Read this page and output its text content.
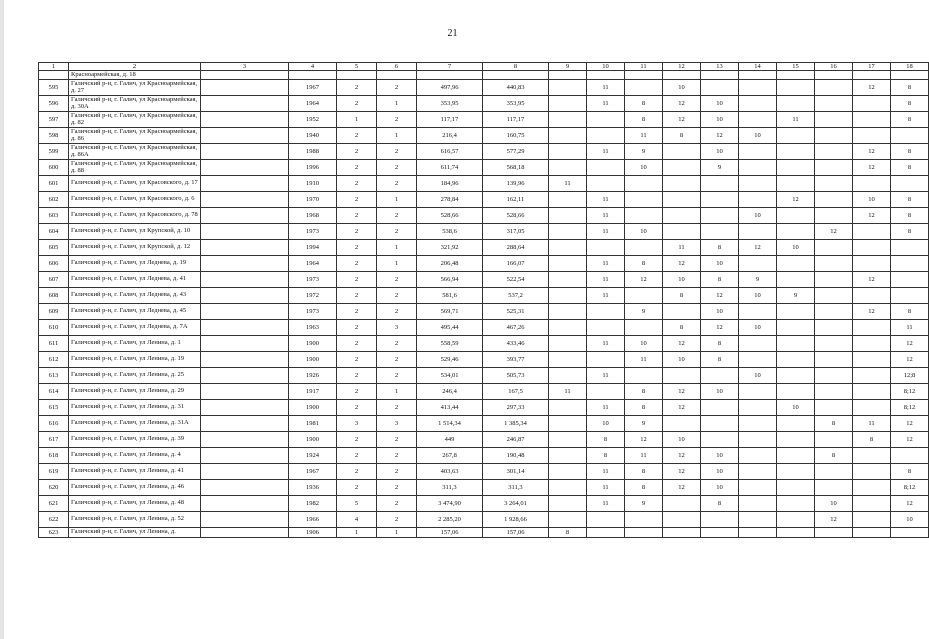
21
1	2	3	4	5	6	7	8	9	10	11	12	13	14	15	16	17	18
	Красноармейская, д. 18																
595	Галичский р-н, г. Галич, ул Красноармейская, д. 27		1967	2	2	497,96	440,83		11		10					12	8
596	Галичский р-н, г. Галич, ул Красноармейская, д. 30А		1964	2	1	353,95	353,95		11	8	12	10					8
597	Галичский р-н, г. Галич, ул Красноармейская, д. 82		1952	1	2	117,17	117,17			8	12	10		11			8
598	Галичский р-н, г. Галич, ул Красноармейская, д. 86		1940	2	1	216,4	160,75			11	8	12	10				
599	Галичский р-н, г. Галич, ул Красноармейская, д. 86А		1988	2	2	616,57	577,29		11	9		10				12	8
600	Галичский р-н, г. Галич, ул Красноармейская, д. 88		1996	2	2	611,74	568,18			10		9				12	8
601	Галичский р-н, г. Галич, ул Красовского, д. 17		1910	2	2	184,96	139,96	11									
602	Галичский р-н, г. Галич, ул Красовского, д. 6		1970	2	1	278,84	162,11		11					12		10	8
603	Галичский р-н, г. Галич, ул Красовского, д. 78		1968	2	2	528,66	528,66		11				10			12	8
604	Галичский р-н, г. Галич, ул Крупской, д. 10		1973	2	2	538,6	317,05		11	10					12		8
605	Галичский р-н, г. Галич, ул Крупской, д. 12		1994	2	1	321,92	288,64				11	8	12	10			
606	Галичский р-н, г. Галич, ул Леднева, д. 19		1964	2	1	206,48	166,07		11	8	12	10					
607	Галичский р-н, г. Галич, ул Леднева, д. 41		1973	2	2	566,94	522,54		11	12	10	8	9			12	
608	Галичский р-н, г. Галич, ул Леднева, д. 43		1972	2	2	581,6	537,2		11		8	12	10	9			
609	Галичский р-н, г. Галич, ул Леднева, д. 45		1973	2	2	569,71	525,31			9		10				12	8
610	Галичский р-н, г. Галич, ул Леднева, д. 7А		1963	2	3	495,44	467,26				8	12	10				11
611	Галичский р-н, г. Галич, ул Ленина, д. 1		1900	2	2	558,59	433,46		11	10	12	8					12
612	Галичский р-н, г. Галич, ул Ленина, д. 19		1900	2	2	529,46	393,77			11	10	8					12
613	Галичский р-н, г. Галич, ул Ленина, д. 25		1926	2	2	534,01	505,73		11				10				12;8
614	Галичский р-н, г. Галич, ул Ленина, д. 29		1917	2	1	246,4	167,5	11		8	12	10					8;12
615	Галичский р-н, г. Галич, ул Ленина, д. 31		1900	2	2	413,44	297,33		11	8	12			10			8;12
616	Галичский р-н, г. Галич, ул Ленина, д. 31А		1981	3	3	1 514,34	1 385,34		10	9					8	11	12
617	Галичский р-н, г. Галич, ул Ленина, д. 39		1900	2	2	449	246,87		8	12	10					8	12
618	Галичский р-н, г. Галич, ул Ленина, д. 4		1924	2	2	267,8	190,48		8	11	12	10			8		
619	Галичский р-н, г. Галич, ул Ленина, д. 41		1967	2	2	403,63	301,14		11	8	12	10					8
620	Галичский р-н, г. Галич, ул Ленина, д. 46		1936	2	2	311,3	311,3		11	8	12	10					8;12
621	Галичский р-н, г. Галич, ул Ленина, д. 48		1982	5	2	3 474,90	3 264,01		11	9		8			10		12
622	Галичский р-н, г. Галич, ул Ленина, д. 52		1966	4	2	2 285,20	1 928,66								12		10
623	Галичский р-н, г. Галич, ул Ленина, д.		1906	1	1	157,06	157,06	8									
